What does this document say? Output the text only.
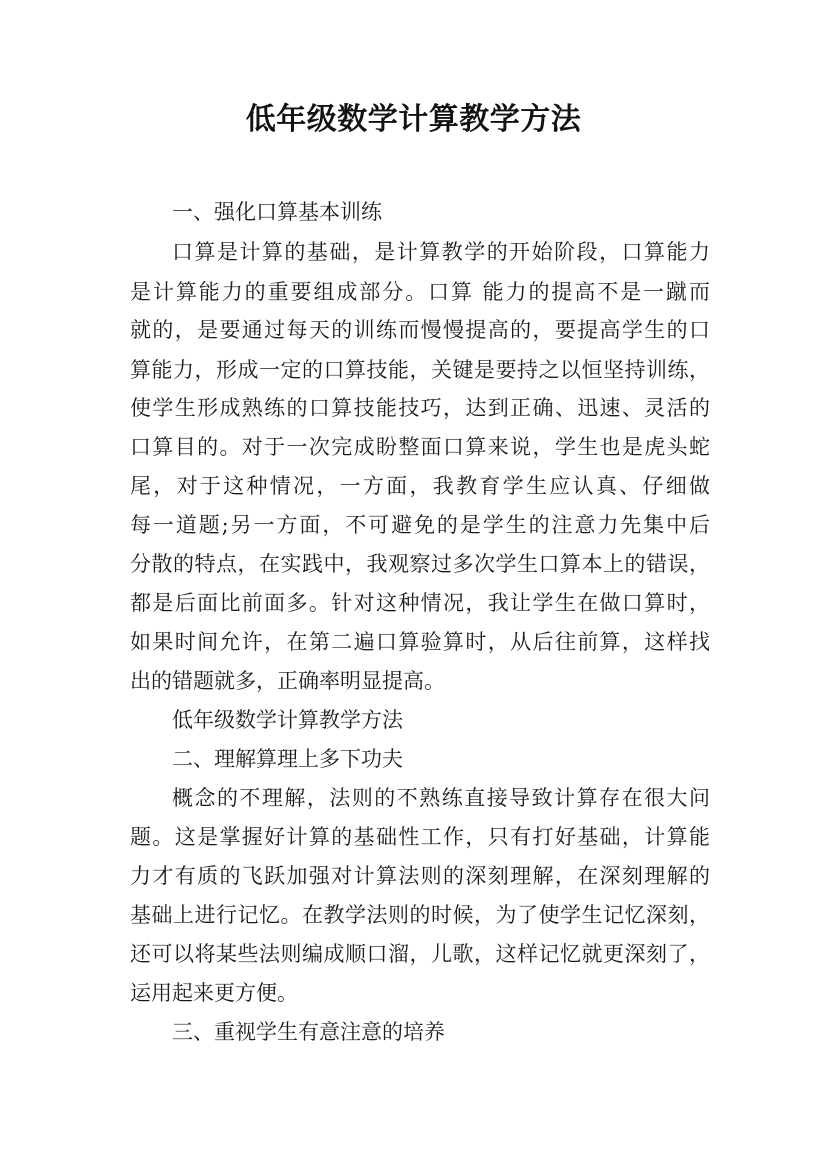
低年级数学计算教学方法
一、强化口算基本训练
口算是计算的基础，是计算教学的开始阶段，口算能力
是计算能力的重要组成部分。口算 能力的提高不是一蹴而
就的，是要通过每天的训练而慢慢提高的，要提高学生的口
算能力，形成一定的口算技能，关键是要持之以恒坚持训练，
使学生形成熟练的口算技能技巧，达到正确、迅速、灵活的
口算目的。对于一次完成盼整面口算来说，学生也是虎头蛇
尾，对于这种情况，一方面，我教育学生应认真、仔细做
每一道题;另一方面，不可避免的是学生的注意力先集中后
分散的特点，在实践中，我观察过多次学生口算本上的错误，
都是后面比前面多。针对这种情况，我让学生在做口算时，
如果时间允许，在第二遍口算验算时，从后往前算，这样找
出的错题就多，正确率明显提高。
低年级数学计算教学方法
二、理解算理上多下功夫
概念的不理解，法则的不熟练直接导致计算存在很大问
题。这是掌握好计算的基础性工作，只有打好基础，计算能
力才有质的飞跃加强对计算法则的深刻理解，在深刻理解的
基础上进行记忆。在教学法则的时候，为了使学生记忆深刻，
还可以将某些法则编成顺口溜，儿歌，这样记忆就更深刻了，
运用起来更方便。
三、重视学生有意注意的培养
